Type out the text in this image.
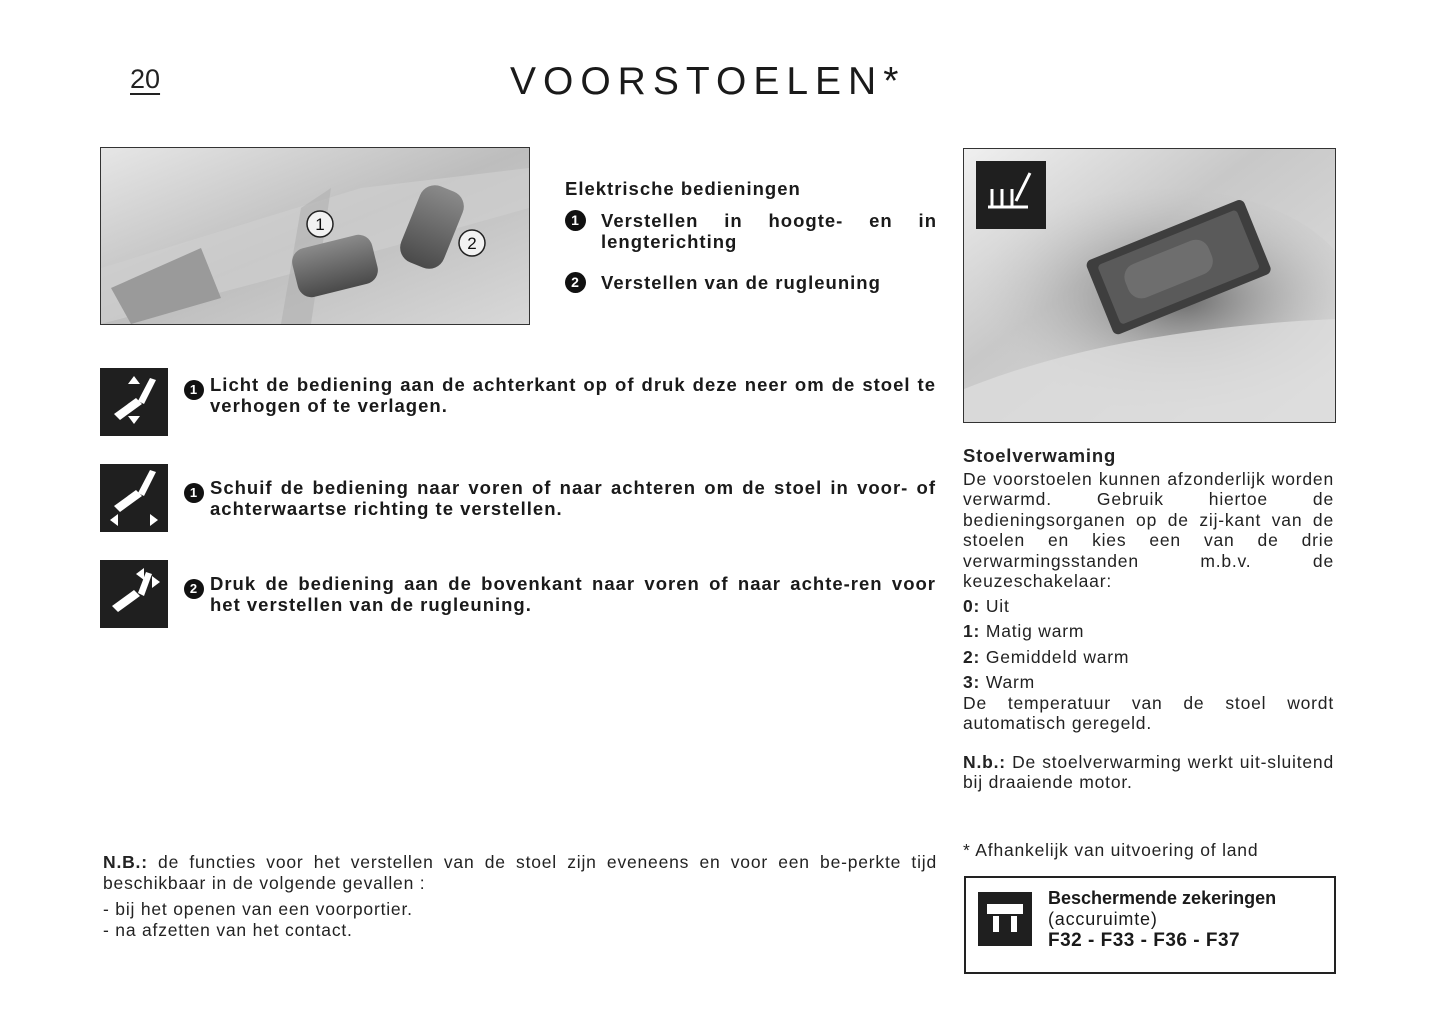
20	VOORSTOELEN*
1
2
Elektrische bedieningen
1	Verstellen in hoogte- en in lengterichting
2	Verstellen van de rugleuning
1 Licht de bediening aan de achterkant op of druk deze neer om de stoel te verhogen of te verlagen.
1 Schuif de bediening naar voren of naar achteren om de stoel in voor- of achterwaartse richting te verstellen.
2 Druk de bediening aan de bovenkant naar voren of naar achte-ren voor het verstellen van de rugleuning.
N.B.: de functies voor het verstellen van de stoel zijn eveneens en voor een be-perkte tijd beschikbaar in de volgende gevallen :
- bij het openen van een voorportier.
- na afzetten van het contact.
Stoelverwaming
De voorstoelen kunnen afzonderlijk worden verwarmd. Gebruik hiertoe de bedieningsorganen op de zij-kant van de stoelen en kies een van de drie verwarmingsstanden m.b.v. de keuzeschakelaar:
0: Uit
1: Matig warm
2: Gemiddeld warm
3: Warm
De temperatuur van de stoel wordt automatisch geregeld.
N.b.: De stoelverwarming werkt uit-sluitend bij draaiende motor.
* Afhankelijk van uitvoering of land
Beschermende zekeringen
(accuruimte)
F32 - F33 - F36 - F37
